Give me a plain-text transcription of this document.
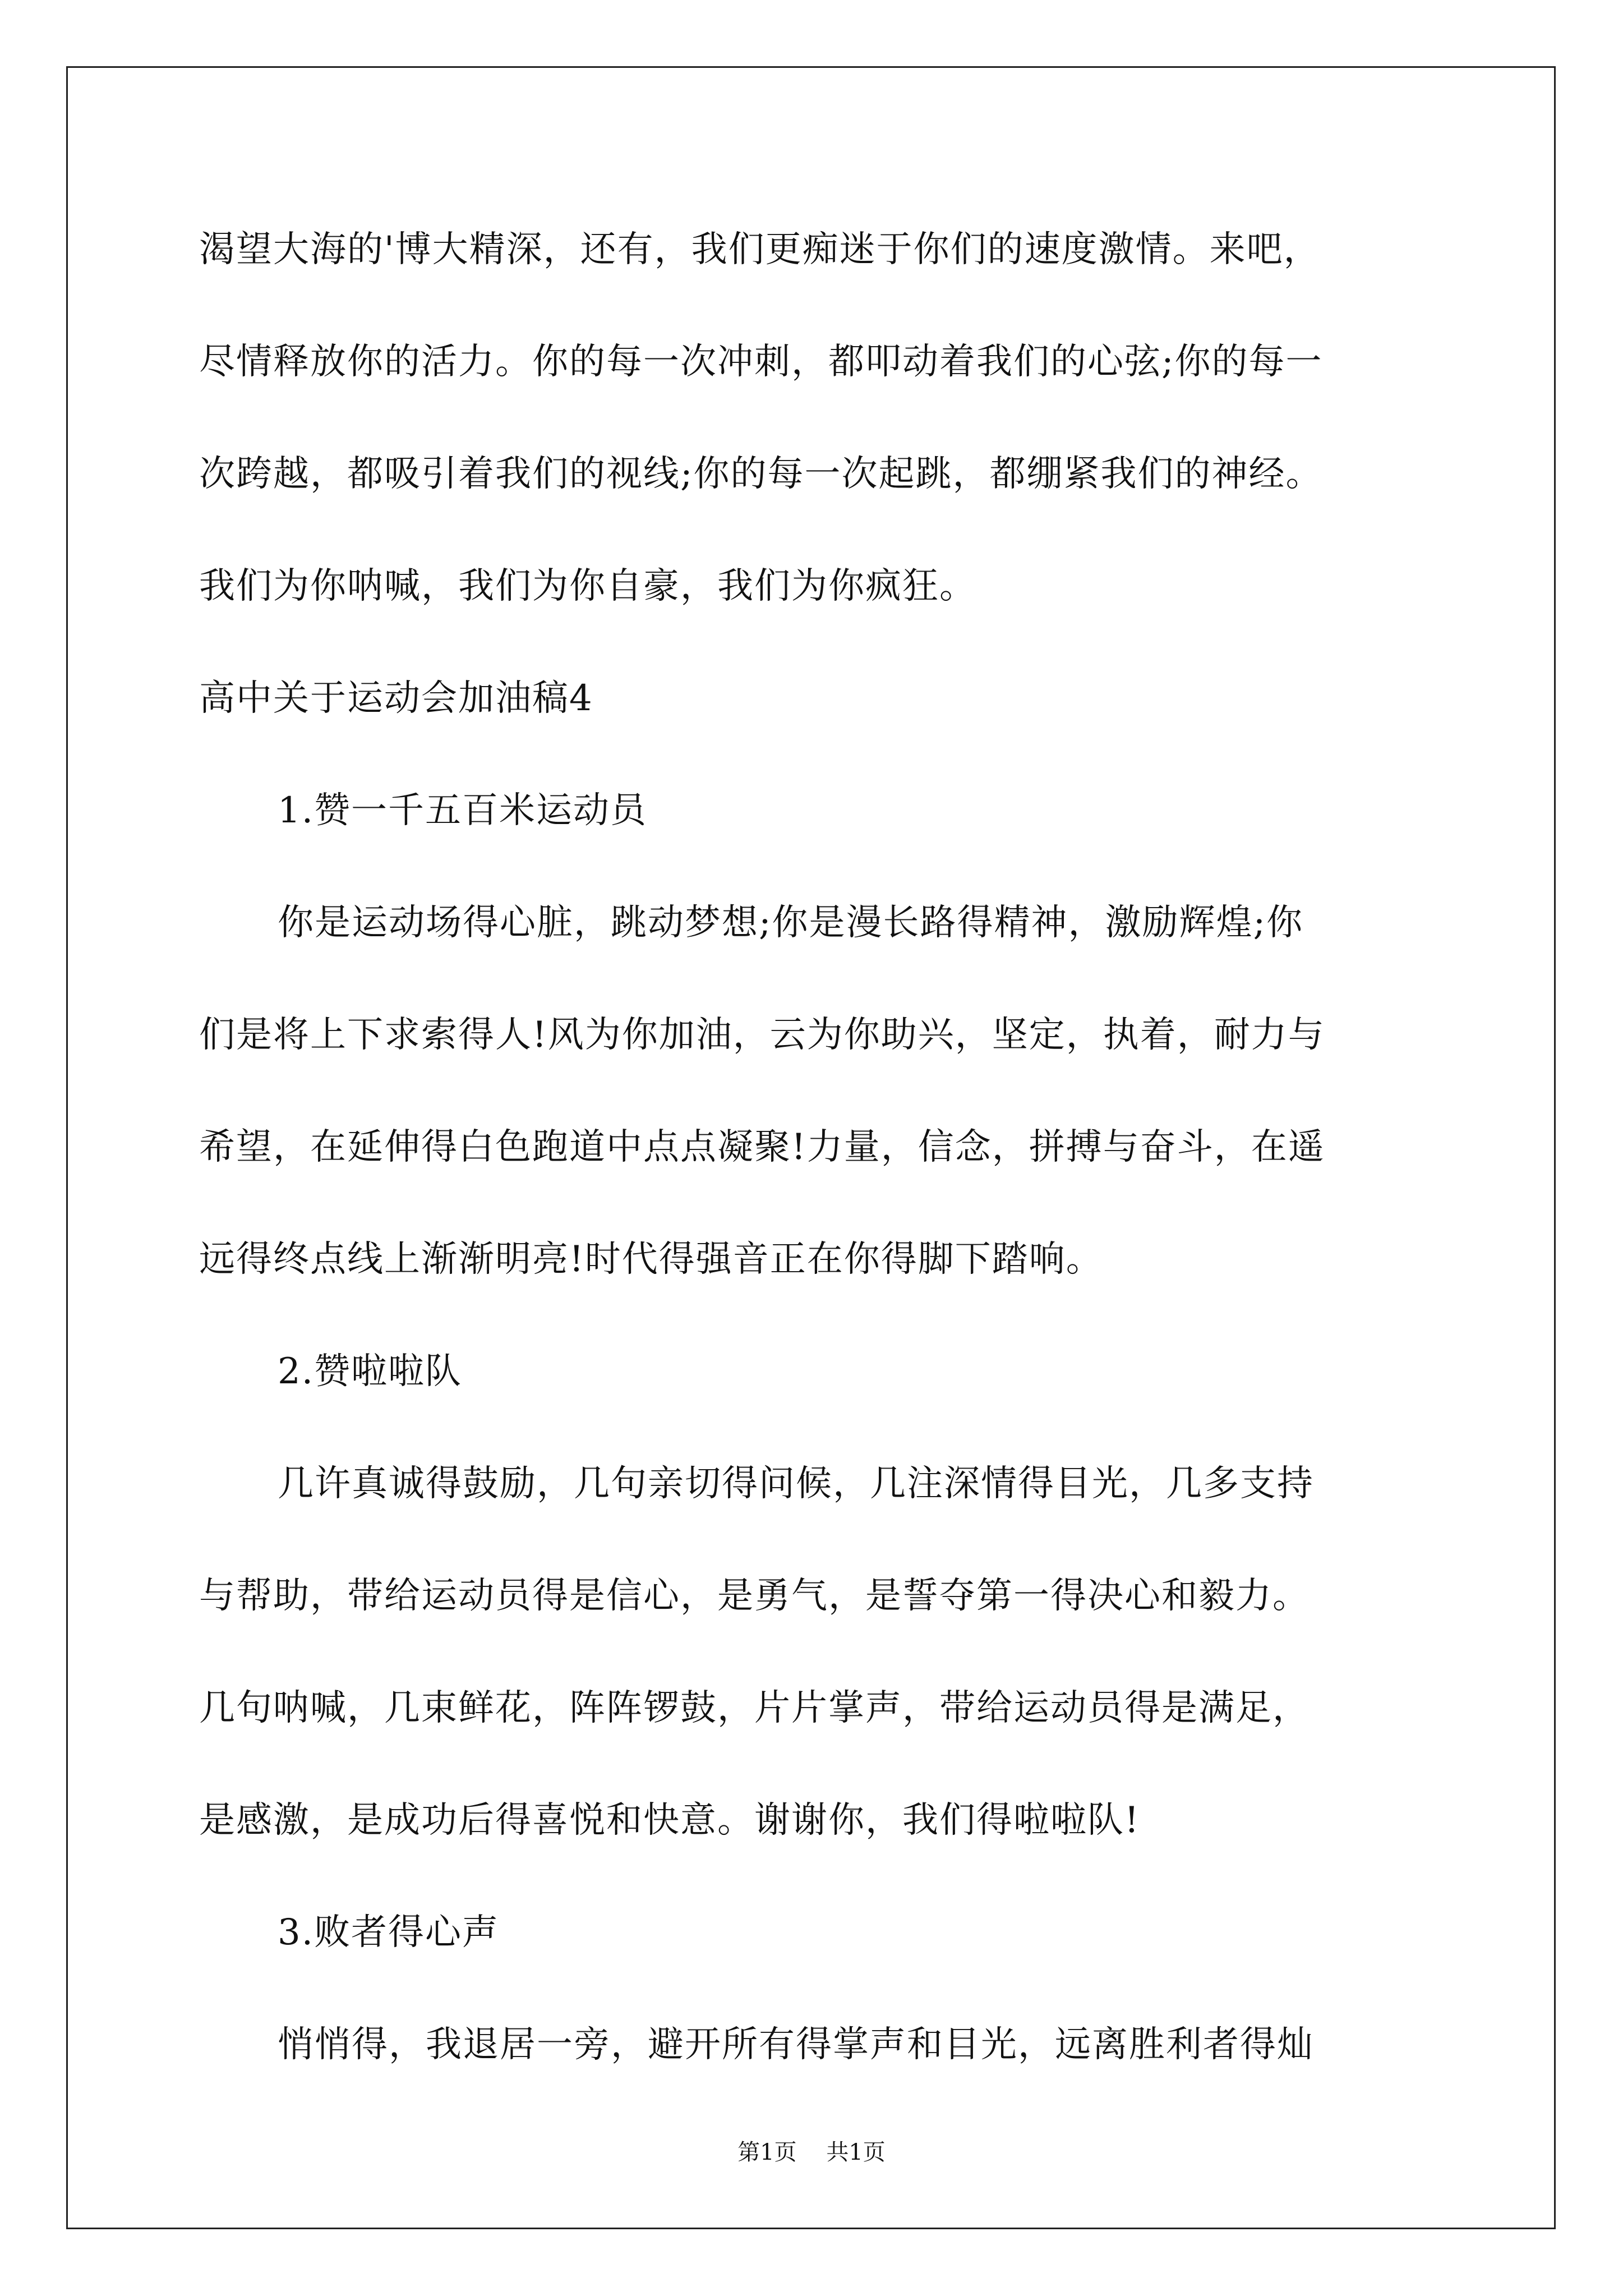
渴望大海的'博大精深，还有，我们更痴迷于你们的速度激情。来吧，
尽情释放你的活力。你的每一次冲刺，都叩动着我们的心弦;你的每一
次跨越，都吸引着我们的视线;你的每一次起跳，都绷紧我们的神经。
我们为你呐喊，我们为你自豪，我们为你疯狂。
高中关于运动会加油稿4
1.赞一千五百米运动员
你是运动场得心脏，跳动梦想;你是漫长路得精神，激励辉煌;你
们是将上下求索得人!风为你加油，云为你助兴，坚定，执着，耐力与
希望，在延伸得白色跑道中点点凝聚!力量，信念，拼搏与奋斗，在遥
远得终点线上渐渐明亮!时代得强音正在你得脚下踏响。
2.赞啦啦队
几许真诚得鼓励，几句亲切得问候，几注深情得目光，几多支持
与帮助，带给运动员得是信心，是勇气，是誓夺第一得决心和毅力。
几句呐喊，几束鲜花，阵阵锣鼓，片片掌声，带给运动员得是满足，
是感激，是成功后得喜悦和快意。谢谢你，我们得啦啦队!
3.败者得心声
悄悄得，我退居一旁，避开所有得掌声和目光，远离胜利者得灿
第1页 共1页
